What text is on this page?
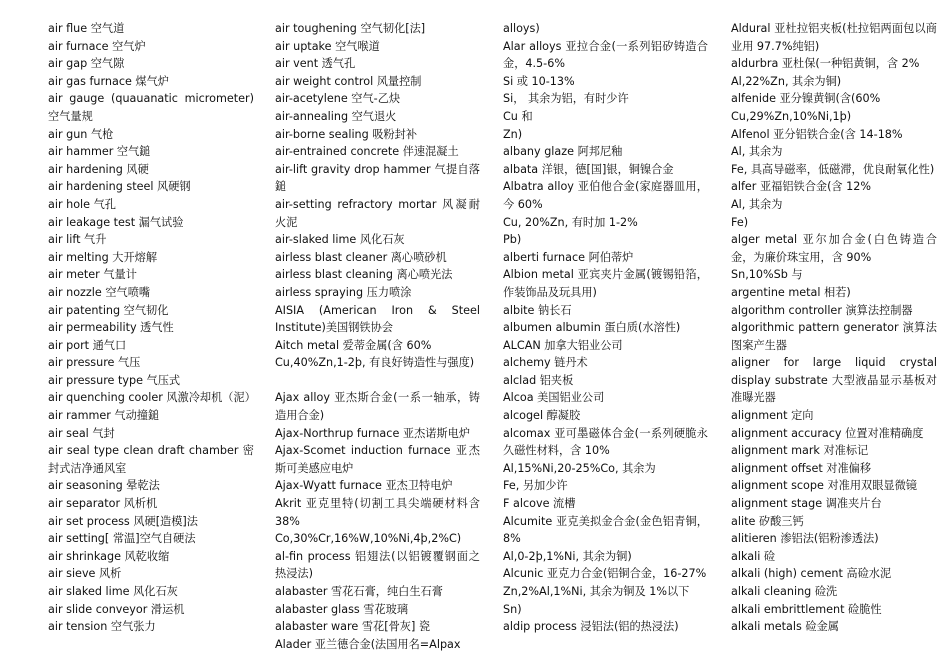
air flue 空气道

air furnace 空气炉

air gap 空气隙

air gas furnace 煤气炉

air gauge (quauanatic micrometer) 空气量规

air gun 气枪

air hammer 空气鎚

air hardening 风硬

air hardening steel 风硬钢

air hole 气孔

air leakage test 漏气试验

air lift 气升

air melting 大开熔解

air meter 气量计

air nozzle 空气喷嘴

air patenting 空气韧化

air permeability 透气性

air port 通气口

air pressure 气压

air pressure type 气压式

air quenching cooler 风激冷却机（泥）

air rammer 气动撞鎚

air seal 气封

air seal type clean draft chamber 密封式洁净通风室

air seasoning 晕乾法

air separator 风析机

air set process 风硬[造模]法

air setting[ 常温]空气自硬法

air shrinkage 风乾收缩

air sieve 风析

air slaked lime 风化石灰

air slide conveyor 滑运机

air tension 空气张力

air toughening 空气韧化[法]

air uptake 空气喉道

air vent 透气孔

air weight control 风量控制

air-acetylene 空气-乙炔

air-annealing 空气退火

air-borne sealing 吸粉封补

air-entrained concrete 伴速混凝土

air-lift gravity drop hammer 气提自落鎚

air-setting refractory mortar 风凝耐火泥

air-slaked lime 风化石灰

airless blast cleaner 离心喷砂机

airless blast cleaning 离心喷光法

airless spraying 压力喷涂

AISIA (American Iron & Steel Institute)美国钢铁协会

Aitch metal 爱蒂金属(含 60%

Cu,40%Zn,1-2þ, 有良好铸造性与强度)

Ajax alloy 亚杰斯合金(一系一轴承，铸造用合金)

Ajax-Northrup furnace 亚杰诺斯电炉

Ajax-Scomet induction furnace 亚杰斯可美感应电炉

Ajax-Wyatt furnace 亚杰卫特电炉

Akrit 亚克里特(切割工具尖端硬材料含 38%

Co,30%Cr,16%W,10%Ni,4þ,2%C)

al-fin process 铝翅法(以铝镀覆钢面之热浸法)

alabaster 雪花石膏，纯白生石膏

alabaster glass 雪花玻璃

alabaster ware 雪花[骨灰] 瓷

Alader 亚兰德合金(法国用名=Alpax

alloys)

Alar alloys 亚拉合金(一系列铝矽铸造合金，4.5-6%

Si 或 10-13%

Si， 其余为铝，有时少许

Cu 和

Zn)

albany glaze 阿邦尼釉

albata 洋银，德[国]银，铜镍合金

Albatra alloy 亚伯他合金(家庭器皿用，今 60%

Cu, 20%Zn, 有时加 1-2%

Pb)

alberti furnace 阿伯蒂炉

Albion metal 亚宾夹片金属(镀锡铅箔，作装饰品及玩具用)

albite 钠长石

albumen albumin 蛋白质(水溶性)

ALCAN 加拿大铝业公司

alchemy 链丹术

alclad 铝夹板

Alcoa 美国铝业公司

alcogel 醇凝胶

alcomax 亚可墨磁体合金(一系列硬脆永久磁性材料，含 10%

Al,15%Ni,20-25%Co, 其余为

Fe, 另加少许

F alcove 流槽

Alcumite 亚克美拟金合金(金色铝青铜，8%

Al,0-2þ,1%Ni, 其余为铜)

Alcunic 亚克力合金(铝铜合金，16-27%

Zn,2%Al,1%Ni, 其余为铜及 1%以下

Sn)

aldip process 浸铝法(铝的热浸法)

Aldural 亚杜拉铝夹板(杜拉铝两面包以商业用 97.7%纯铝)

aldurbra 亚杜保(一种铝黄铜，含 2%

Al,22%Zn, 其余为铜)

alfenide 亚分镍黄铜(含(60%

Cu,29%Zn,10%Ni,1þ)

Alfenol 亚分铝铁合金(含 14-18%

Al, 其余为

Fe, 具高导磁率，低磁滞，优良耐氧化性)

alfer 亚福铝铁合金(含 12%

Al, 其余为

Fe)

alger metal 亚尔加合金(白色铸造合金，为廉价珠宝用，含 90%

Sn,10%Sb 与

argentine metal 相若)

algorithm controller 演算法控制器

algorithmic pattern generator 演算法图案产生器

aligner for large liquid crystal display substrate 大型液晶显示基板对准曝光器

alignment 定向

alignment accuracy 位置对准精确度

alignment mark 对准标记

alignment offset 对准偏移

alignment scope 对准用双眼显微镜

alignment stage 调准夹片台

alite 矽酸三钙

alitieren 渗铝法(铝粉渗透法)

alkali 硷

alkali (high) cement 高硷水泥

alkali cleaning 硷洗

alkali embrittlement 硷脆性

alkali metals 硷金属
